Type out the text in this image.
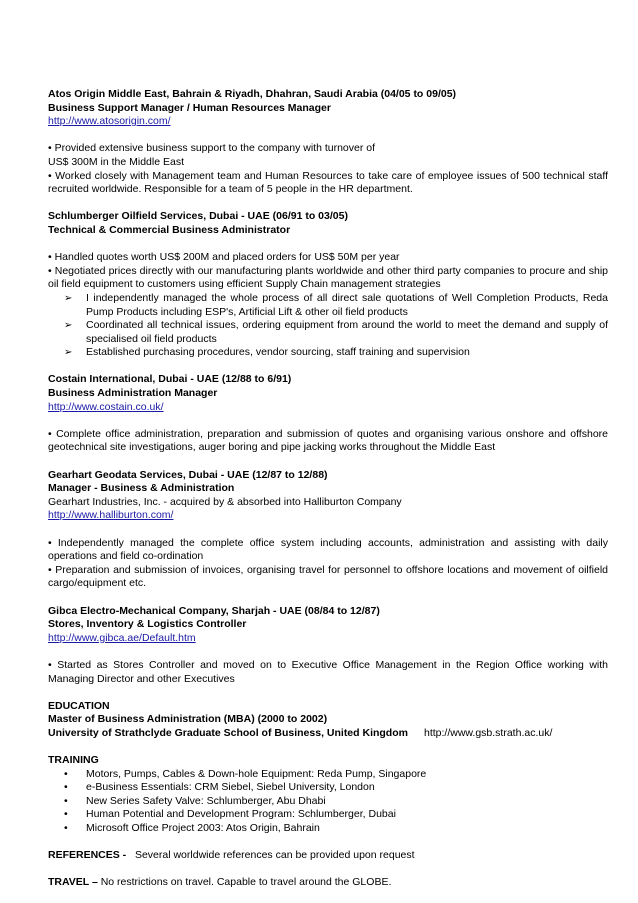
Atos Origin Middle East, Bahrain & Riyadh, Dhahran, Saudi Arabia (04/05 to 09/05)

Business Support Manager / Human Resources Manager

http://www.atosorigin.com/

• Provided extensive business support to the company with turnover of

US$ 300M in the Middle East

• Worked closely with Management team and Human Resources to take care of employee issues of 500 technical staff recruited worldwide. Responsible for a team of 5 people in the HR department.

Schlumberger Oilfield Services, Dubai - UAE (06/91 to 03/05)

Technical & Commercial Business Administrator

• Handled quotes worth US$ 200M and placed orders for US$ 50M per year

• Negotiated prices directly with our manufacturing plants worldwide and other third party companies to procure and ship oil field equipment to customers using efficient Supply Chain management strategies

➢ I independently managed the whole process of all direct sale quotations of Well Completion Products, Reda Pump Products including ESP's, Artificial Lift & other oil field products
➢ Coordinated all technical issues, ordering equipment from around the world to meet the demand and supply of specialised oil field products
➢ Established purchasing procedures, vendor sourcing, staff training and supervision

Costain International, Dubai - UAE (12/88 to 6/91)

Business Administration Manager

http://www.costain.co.uk/

• Complete office administration, preparation and submission of quotes and organising various onshore and offshore geotechnical site investigations, auger boring and pipe jacking works throughout the Middle East

Gearhart Geodata Services, Dubai - UAE (12/87 to 12/88)

Manager - Business & Administration

Gearhart Industries, Inc. - acquired by & absorbed into Halliburton Company

http://www.halliburton.com/

• Independently managed the complete office system including accounts, administration and assisting with daily operations and field co-ordination

• Preparation and submission of invoices, organising travel for personnel to offshore locations and movement of oilfield cargo/equipment etc.

Gibca Electro-Mechanical Company, Sharjah - UAE (08/84 to 12/87)

Stores, Inventory & Logistics Controller

http://www.gibca.ae/Default.htm

• Started as Stores Controller and moved on to Executive Office Management in the Region Office working with Managing Director and other Executives

EDUCATION

Master of Business Administration (MBA) (2000 to 2002)

University of Strathclyde Graduate School of Business, United Kingdom http://www.gsb.strath.ac.uk/

TRAINING

• Motors, Pumps, Cables & Down-hole Equipment: Reda Pump, Singapore
• e-Business Essentials: CRM Siebel, Siebel University, London
• New Series Safety Valve: Schlumberger, Abu Dhabi
• Human Potential and Development Program: Schlumberger, Dubai
• Microsoft Office Project 2003: Atos Origin, Bahrain

REFERENCES - Several worldwide references can be provided upon request

TRAVEL – No restrictions on travel. Capable to travel around the GLOBE.
